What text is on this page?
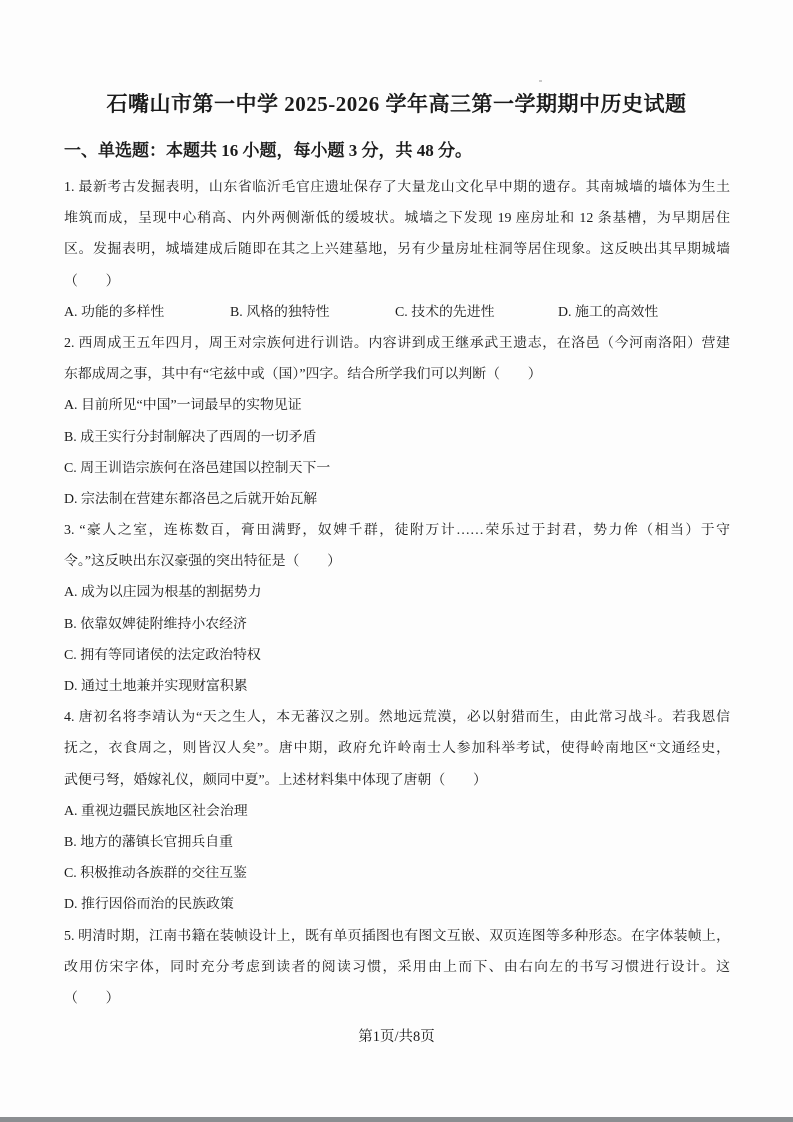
石嘴山市第一中学 2025-2026 学年高三第一学期期中历史试题
一、单选题：本题共 16 小题，每小题 3 分，共 48 分。
1. 最新考古发掘表明，山东省临沂毛官庄遗址保存了大量龙山文化早中期的遗存。其南城墙的墙体为生土
堆筑而成，呈现中心稍高、内外两侧渐低的缓坡状。城墙之下发现 19 座房址和 12 条基槽，为早期居住
区。发掘表明，城墙建成后随即在其之上兴建墓地，另有少量房址柱洞等居住现象。这反映出其早期城墙
（　　）
A. 功能的多样性	B. 风格的独特性	C. 技术的先进性	D. 施工的高效性
2. 西周成王五年四月，周王对宗族何进行训诰。内容讲到成王继承武王遗志，在洛邑（今河南洛阳）营建
东都成周之事，其中有“宅兹中或（国）”四字。结合所学我们可以判断（　　）
A. 目前所见“中国”一词最早的实物见证
B. 成王实行分封制解决了西周的一切矛盾
C. 周王训诰宗族何在洛邑建国以控制天下一
D. 宗法制在营建东都洛邑之后就开始瓦解
3. “豪人之室，连栋数百，膏田满野，奴婢千群，徒附万计……荣乐过于封君，势力侔（相当）于守
令。”这反映出东汉豪强的突出特征是（　　）
A. 成为以庄园为根基的割据势力
B. 依靠奴婢徒附维持小农经济
C. 拥有等同诸侯的法定政治特权
D. 通过土地兼并实现财富积累
4. 唐初名将李靖认为“天之生人，本无蕃汉之别。然地远荒漠，必以射猎而生，由此常习战斗。若我恩信
抚之，衣食周之，则皆汉人矣”。唐中期，政府允许岭南士人参加科举考试，使得岭南地区“文通经史，
武便弓弩，婚嫁礼仪，颇同中夏”。上述材料集中体现了唐朝（　　）
A. 重视边疆民族地区社会治理
B. 地方的藩镇长官拥兵自重
C. 积极推动各族群的交往互鉴
D. 推行因俗而治的民族政策
5. 明清时期，江南书籍在装帧设计上，既有单页插图也有图文互嵌、双页连图等多种形态。在字体装帧上，
改用仿宋字体，同时充分考虑到读者的阅读习惯，采用由上而下、由右向左的书写习惯进行设计。这
（　　）
第1页/共8页
